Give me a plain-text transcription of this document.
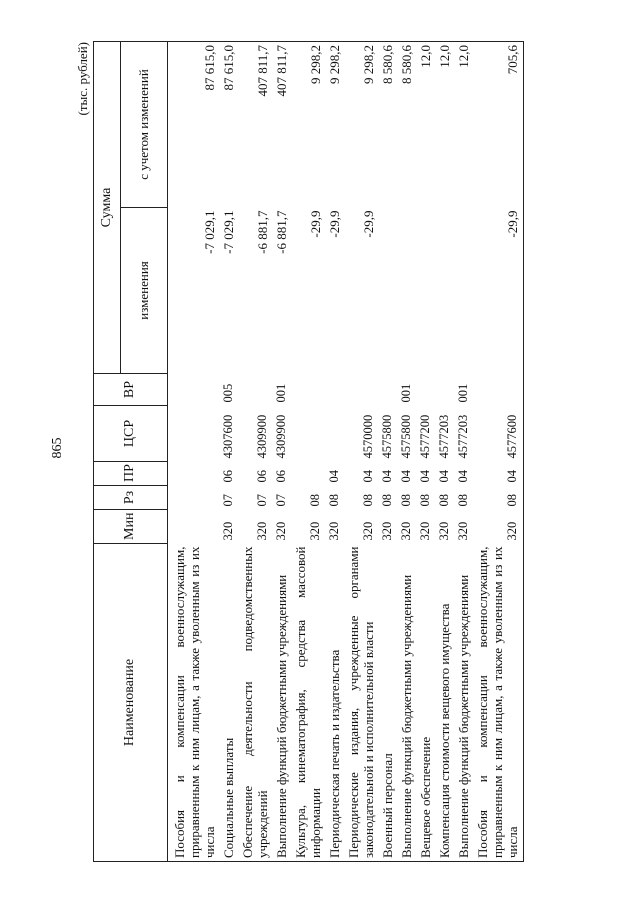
865
(тыс. рублей)
Наименование	Мин	Рз	ПР	ЦСР	ВР	Сумма	
						изменения	с учетом изменений
Пособия и компенсации военнослужащим, приравненным к ним лицам, а также уволенным из их числа						-7 029,1	87 615,0
Социальные выплаты	320	07	06	4307600	005	-7 029,1	87 615,0
Обеспечение деятельности подведомственных учреждений	320	07	06	4309900		-6 881,7	407 811,7
Выполнение функций бюджетными учреждениями	320	07	06	4309900	001	-6 881,7	407 811,7
Культура, кинематография, средства массовой информации	320	08				-29,9	9 298,2
Периодическая печать и издательства	320	08	04			-29,9	9 298,2
Периодические издания, учрежденные органами законодательной и исполнительной власти	320	08	04	4570000		-29,9	9 298,2
Военный персонал	320	08	04	4575800			8 580,6
Выполнение функций бюджетными учреждениями	320	08	04	4575800	001		8 580,6
Вещевое обеспечение	320	08	04	4577200			12,0
Компенсация стоимости вещевого имущества	320	08	04	4577203			12,0
Выполнение функций бюджетными учреждениями	320	08	04	4577203	001		12,0
Пособия и компенсации военнослужащим, приравненным к ним лицам, а также уволенным из их числа	320	08	04	4577600		-29,9	705,6
